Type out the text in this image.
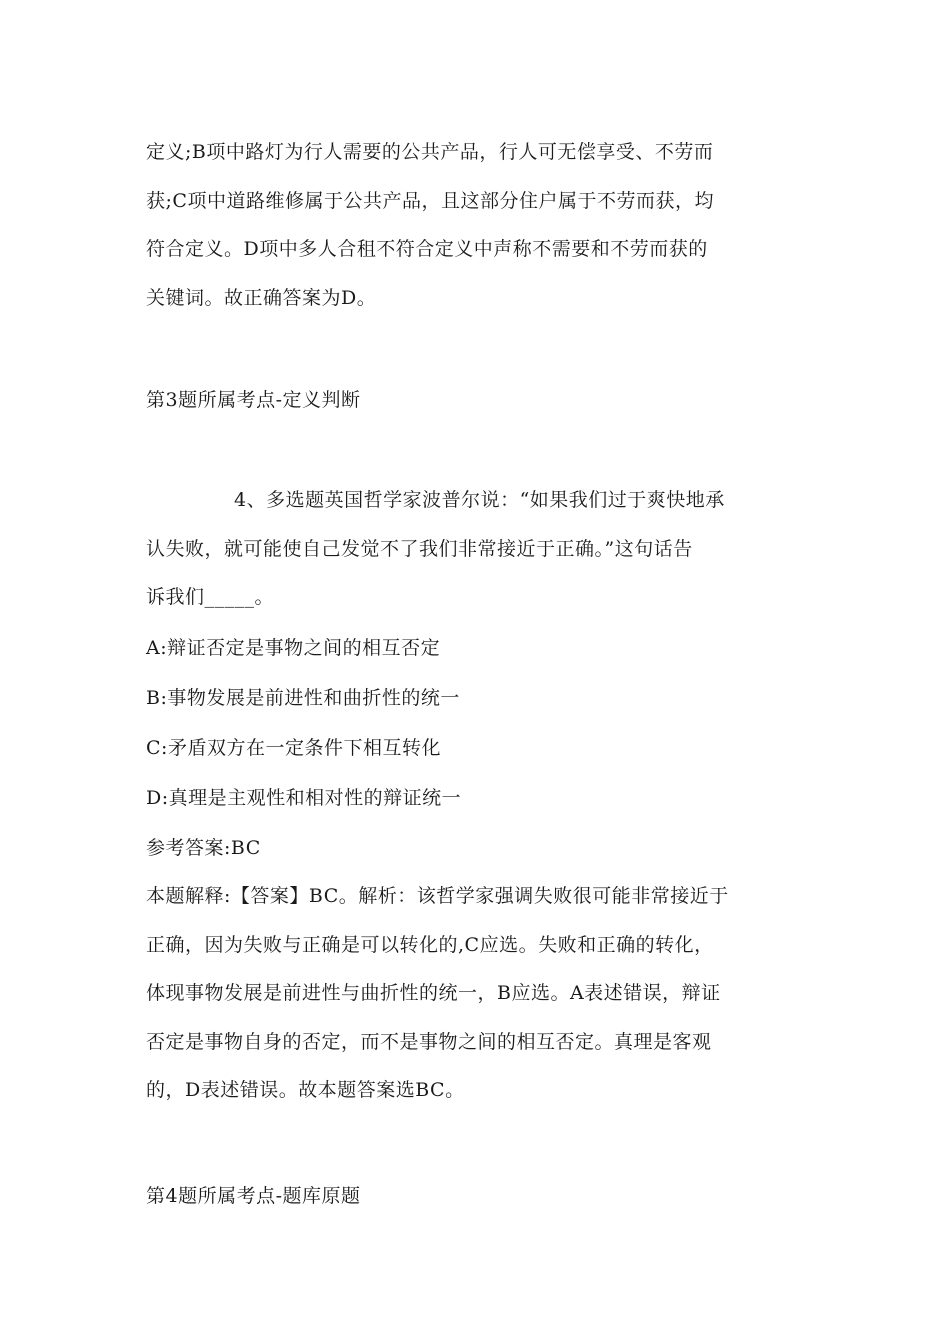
定义;B项中路灯为行人需要的公共产品，行人可无偿享受、不劳而
获;C项中道路维修属于公共产品，且这部分住户属于不劳而获，均
符合定义。D项中多人合租不符合定义中声称不需要和不劳而获的
关键词。故正确答案为D。
第3题所属考点-定义判断
4、多选题英国哲学家波普尔说：“如果我们过于爽快地承
认失败，就可能使自己发觉不了我们非常接近于正确。”这句话告
诉我们_____。
A:辩证否定是事物之间的相互否定
B:事物发展是前进性和曲折性的统一
C:矛盾双方在一定条件下相互转化
D:真理是主观性和相对性的辩证统一
参考答案:BC
本题解释:【答案】BC。解析：该哲学家强调失败很可能非常接近于
正确，因为失败与正确是可以转化的,C应选。失败和正确的转化，
体现事物发展是前进性与曲折性的统一，B应选。A表述错误，辩证
否定是事物自身的否定，而不是事物之间的相互否定。真理是客观
的，D表述错误。故本题答案选BC。
第4题所属考点-题库原题
